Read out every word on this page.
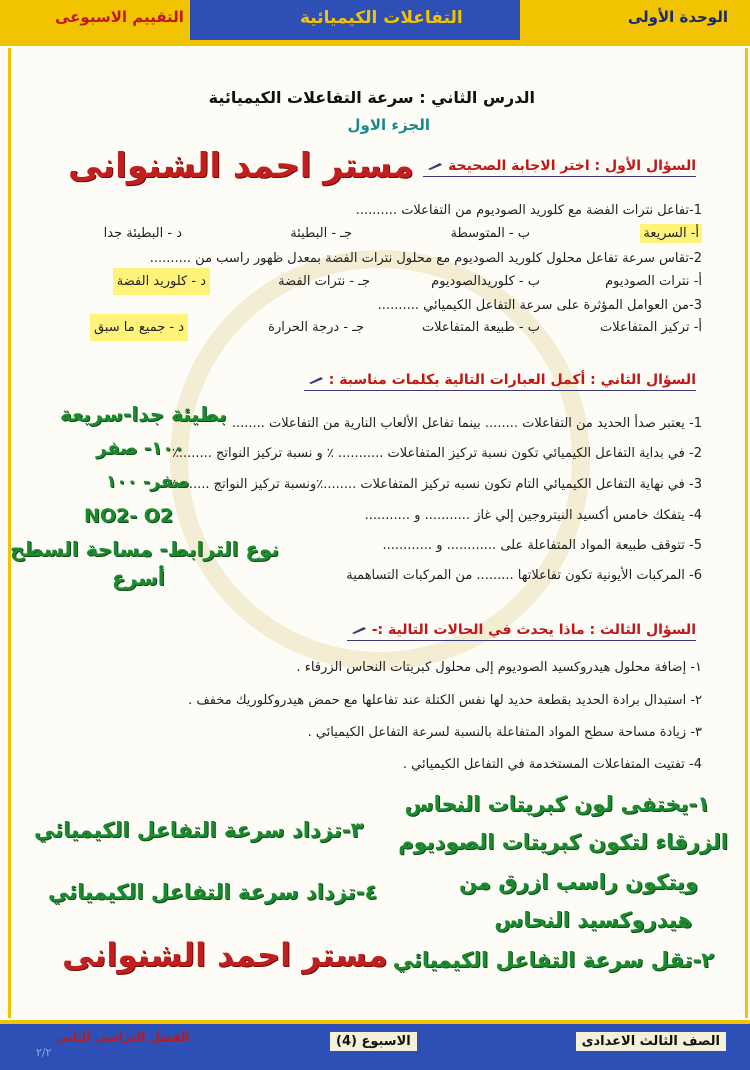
التقييم الاسبوعى	التفاعلات الكيميائية	الوحدة الأولى
الدرس الثاني : سرعة التفاعلات الكيميائية
الجزء الاول
مستر احمد الشنوانى	السؤال الأول : اختر الاجابة الصحيحة
1-تفاعل نترات الفضة مع كلوريد الصوديوم من التفاعلات ..........
أ- السريعة
ب - المتوسطة
جـ - البطيئة
د - البطيئة جدا
2-تقاس سرعة تفاعل محلول كلوريد الصوديوم مع محلول نترات الفضة بمعدل ظهور راسب من ..........
أ- نترات الصوديوم
ب - كلوريدالصوديوم
جـ - نترات الفضة
د - كلوريد الفضة
3-من العوامل المؤثرة على سرعة التفاعل الكيميائي ..........
أ- تركيز المتفاعلات
ب - طبيعة المتفاعلات
جـ - درجة الحرارة
د - جميع ما سبق
السؤال الثاني : أكمل العبارات التالية بكلمات مناسبة :
1- يعتبر صدأ الحديد من التفاعلات ........ بينما تفاعل الألعاب النارية من التفاعلات ........
2- في بداية التفاعل الكيميائي تكون نسبة تركيز المتفاعلات ........... ٪ و نسبة تركيز النواتج ........٪
3- في نهاية التفاعل الكيميائي التام تكون نسبه تركيز المتفاعلات ........٪ونسبة تركيز النواتج ........٪
4- يتفكك خامس أكسيد النيتروجين إلي غاز ........... و ...........
5- تتوقف طبيعة المواد المتفاعلة على ............ و ............
6- المركبات الأيونية تكون تفاعلاتها ......... من المركبات التساهمية
بطيئة جدا-سريعة
١٠٠- صفر
صفر- ١٠٠
NO2- O2
نوع الترابط- مساحة السطح
أسرع
السؤال الثالث : ماذا يحدث في الحالات التالية :-
١- إضافة محلول هيدروكسيد الصوديوم إلى محلول كبريتات النحاس الزرقاء .
٢- استبدال برادة الحديد بقطعة حديد لها نفس الكتلة عند تفاعلها مع حمض هيدروكلوريك مخفف .
٣- زيادة مساحة سطح المواد المتفاعلة بالنسبة لسرعة التفاعل الكيميائي .
4- تفتيت المتفاعلات المستخدمة في التفاعل الكيميائي .
١-يختفى لون كبريتات النحاس
الزرقاء لتكون كبريتات الصوديوم
ويتكون راسب ازرق من
هيدروكسيد النحاس
٢-تقل سرعة التفاعل الكيميائي
٣-تزداد سرعة التفاعل الكيميائي
٤-تزداد سرعة التفاعل الكيميائي
مستر احمد الشنوانى
الصف الثالث الاعدادى
الاسبوع (4)
الفصل الدراسى الثانى
٢/٢
